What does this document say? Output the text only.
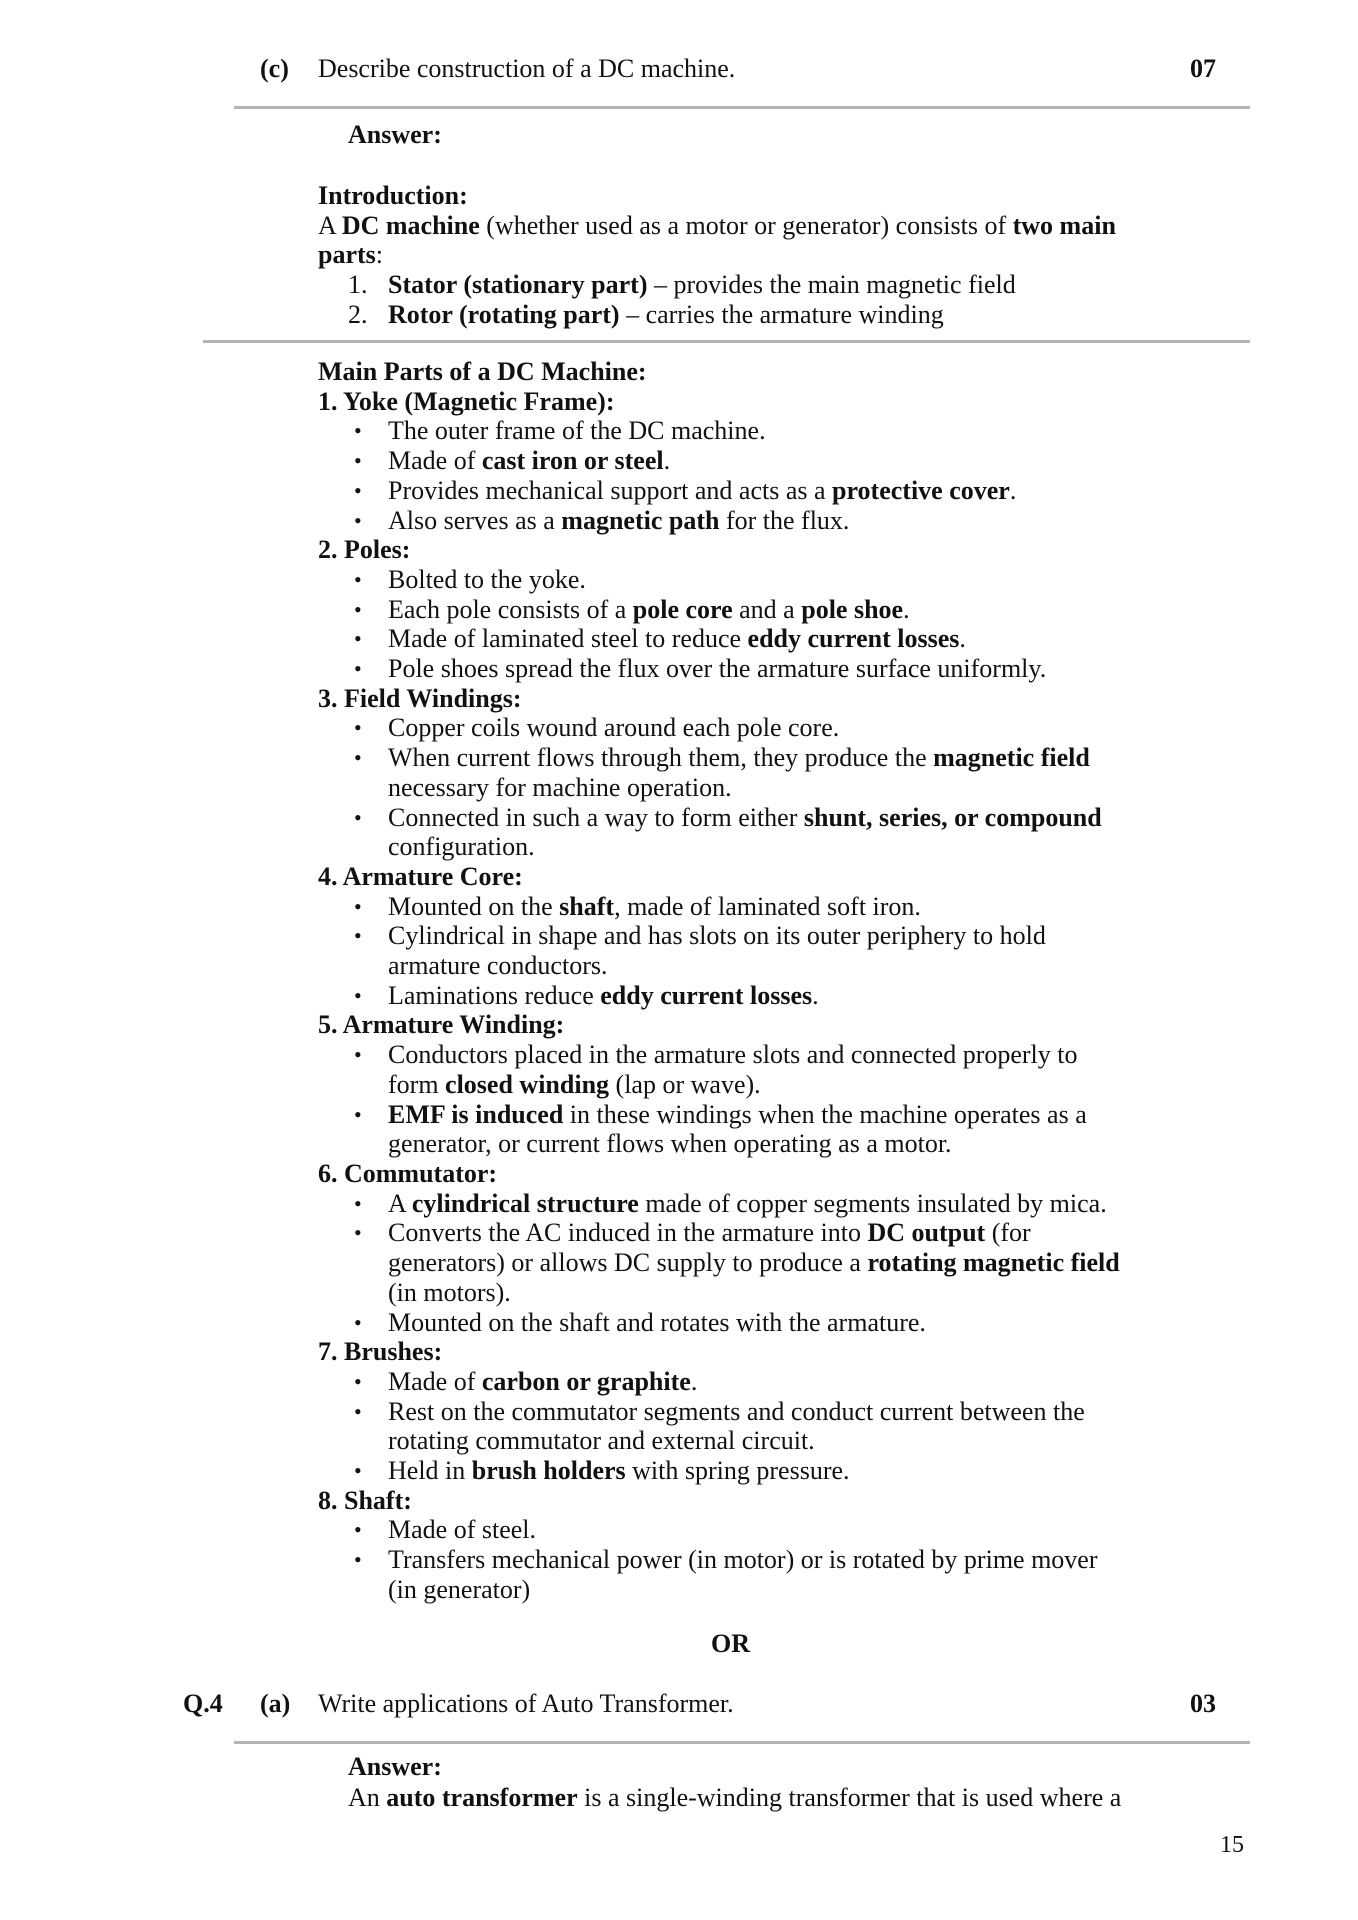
(c) Describe construction of a DC machine.	07
Answer:
Introduction:
A DC machine (whether used as a motor or generator) consists of two main
parts:
1. Stator (stationary part) – provides the main magnetic field
2. Rotor (rotating part) – carries the armature winding
Main Parts of a DC Machine:
1. Yoke (Magnetic Frame):
• The outer frame of the DC machine.
• Made of cast iron or steel.
• Provides mechanical support and acts as a protective cover.
• Also serves as a magnetic path for the flux.
2. Poles:
• Bolted to the yoke.
• Each pole consists of a pole core and a pole shoe.
• Made of laminated steel to reduce eddy current losses.
• Pole shoes spread the flux over the armature surface uniformly.
3. Field Windings:
• Copper coils wound around each pole core.
• When current flows through them, they produce the magnetic field
necessary for machine operation.
• Connected in such a way to form either shunt, series, or compound
configuration.
4. Armature Core:
• Mounted on the shaft, made of laminated soft iron.
• Cylindrical in shape and has slots on its outer periphery to hold
armature conductors.
• Laminations reduce eddy current losses.
5. Armature Winding:
• Conductors placed in the armature slots and connected properly to
form closed winding (lap or wave).
• EMF is induced in these windings when the machine operates as a
generator, or current flows when operating as a motor.
6. Commutator:
• A cylindrical structure made of copper segments insulated by mica.
• Converts the AC induced in the armature into DC output (for
generators) or allows DC supply to produce a rotating magnetic field
(in motors).
• Mounted on the shaft and rotates with the armature.
7. Brushes:
• Made of carbon or graphite.
• Rest on the commutator segments and conduct current between the
rotating commutator and external circuit.
• Held in brush holders with spring pressure.
8. Shaft:
• Made of steel.
• Transfers mechanical power (in motor) or is rotated by prime mover
(in generator)
OR
Q.4 (a) Write applications of Auto Transformer.	03
Answer:
An auto transformer is a single-winding transformer that is used where a
15
